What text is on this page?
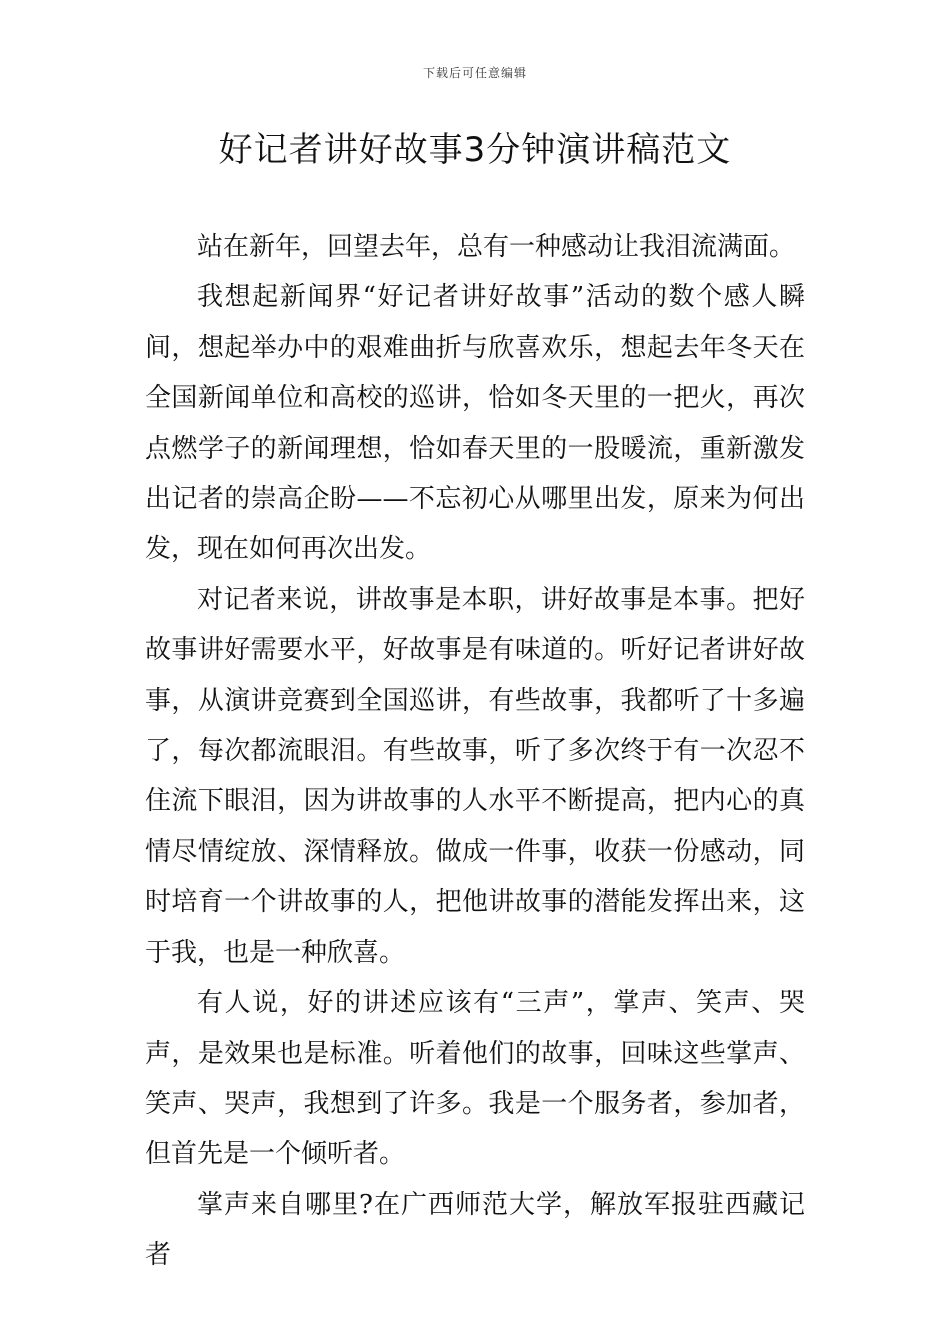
下载后可任意编辑
好记者讲好故事3分钟演讲稿范文

站在新年，回望去年，总有一种感动让我泪流满面。

我想起新闻界“好记者讲好故事”活动的数个感人瞬间，想起举办中的艰难曲折与欣喜欢乐，想起去年冬天在全国新闻单位和高校的巡讲，恰如冬天里的一把火，再次点燃学子的新闻理想，恰如春天里的一股暖流，重新激发出记者的崇高企盼——不忘初心从哪里出发，原来为何出发，现在如何再次出发。

对记者来说，讲故事是本职，讲好故事是本事。把好故事讲好需要水平，好故事是有味道的。听好记者讲好故事，从演讲竞赛到全国巡讲，有些故事，我都听了十多遍了，每次都流眼泪。有些故事，听了多次终于有一次忍不住流下眼泪，因为讲故事的人水平不断提高，把内心的真情尽情绽放、深情释放。做成一件事，收获一份感动，同时培育一个讲故事的人，把他讲故事的潜能发挥出来，这于我，也是一种欣喜。

有人说，好的讲述应该有“三声”，掌声、笑声、哭声，是效果也是标准。听着他们的故事，回味这些掌声、笑声、哭声，我想到了许多。我是一个服务者，参加者，但首先是一个倾听者。

掌声来自哪里?在广西师范大学，解放军报驻西藏记者
